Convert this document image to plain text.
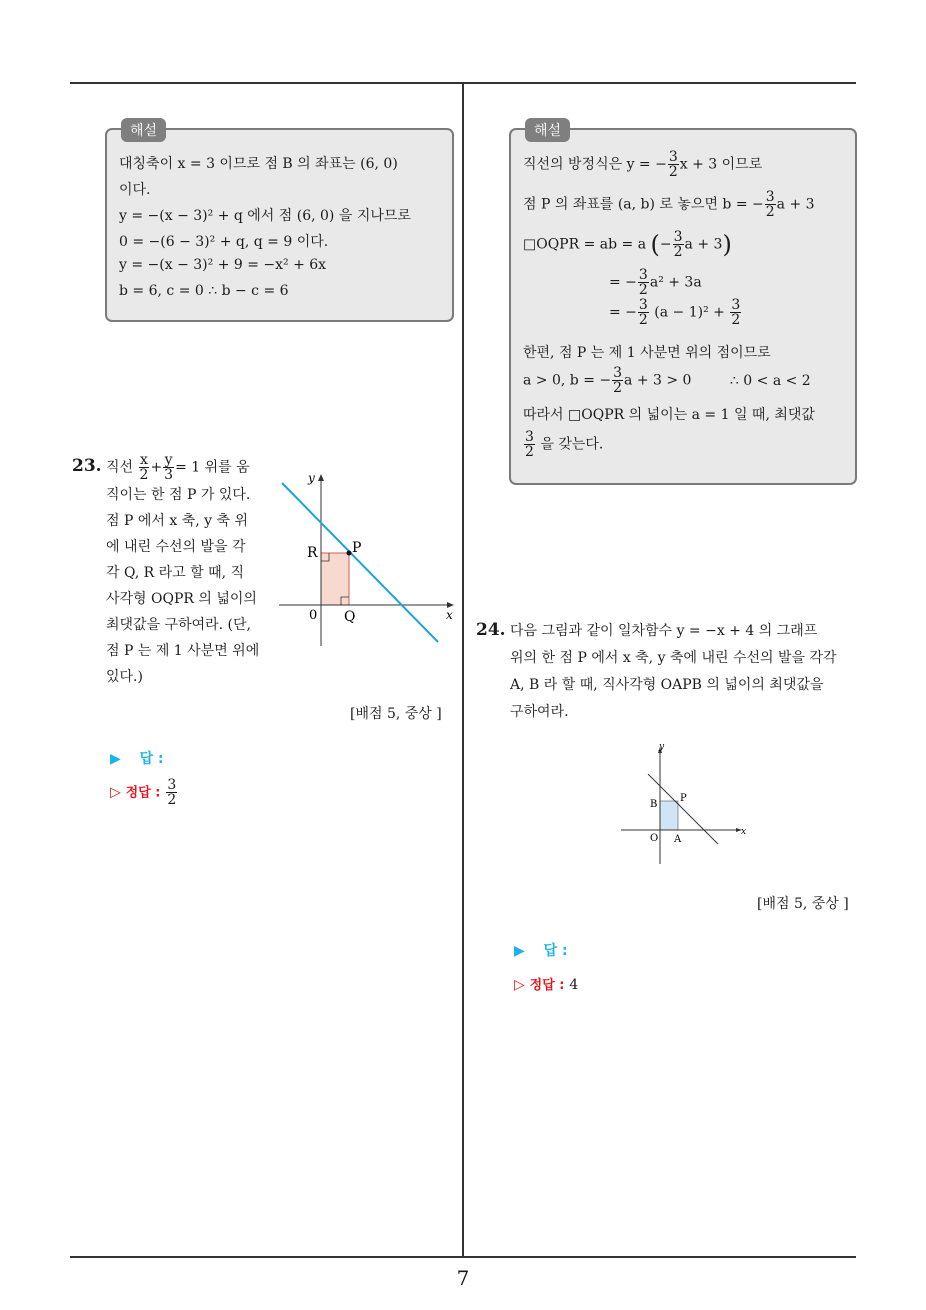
해설
대칭축이 x = 3 이므로 점 B 의 좌표는 (6, 0)
이다.
y = −(x − 3)² + q 에서 점 (6, 0) 을 지나므로
0 = −(6 − 3)² + q, q = 9 이다.
y = −(x − 3)² + 9 = −x² + 6x
b = 6, c = 0 ∴ b − c = 6
해설
직선의 방정식은 y = − $\frac{3}{2}$ x + 3 이므로
점 P 의 좌표를 (a, b) 로 놓으면 b = − $\frac{3}{2}$ a + 3
□OQPR = ab = a (− $\frac{3}{2}$ a + 3)
= − $\frac{3}{2} a^2 + 3a$
= − $\frac{3}{2} (a - 1)^2 + \frac{3}{2}$
한편, 점 P 는 제 1 사분면 위의 점이므로
a > 0, b = − $\frac{3}{2}$ a + 3 > 0	∴ 0 < a < 2
따라서 □OQPR 의 넓이는 a = 1 일 때, 최댓값
$\frac{3}{2}$ 을 갖는다.
23. 직선 $\frac{x}{2} + \frac{y}{3} = 1$ 위를 움
직이는 한 점 P 가 있다.
점 P 에서 x 축, y 축 위
에 내린 수선의 발을 각
각 Q, R 라고 할 때, 직
사각형 OQPR 의 넓이의
최댓값을 구하여라. (단,
점 P 는 제 1 사분면 위에
있다.)
y
x
0
P
Q
R
[배점 5, 중상 ]
▶ 답 :
▷ 정답 : $\frac{3}{2}$
24. 다음 그림과 같이 일차함수 y = −x + 4 의 그래프
위의 한 점 P 에서 x 축, y 축에 내린 수선의 발을 각각
A, B 라 할 때, 직사각형 OAPB 의 넓이의 최댓값을
구하여라.
y
x
O A
B
P
[배점 5, 중상 ]
▶ 답 :
▷ 정답 : 4
7
